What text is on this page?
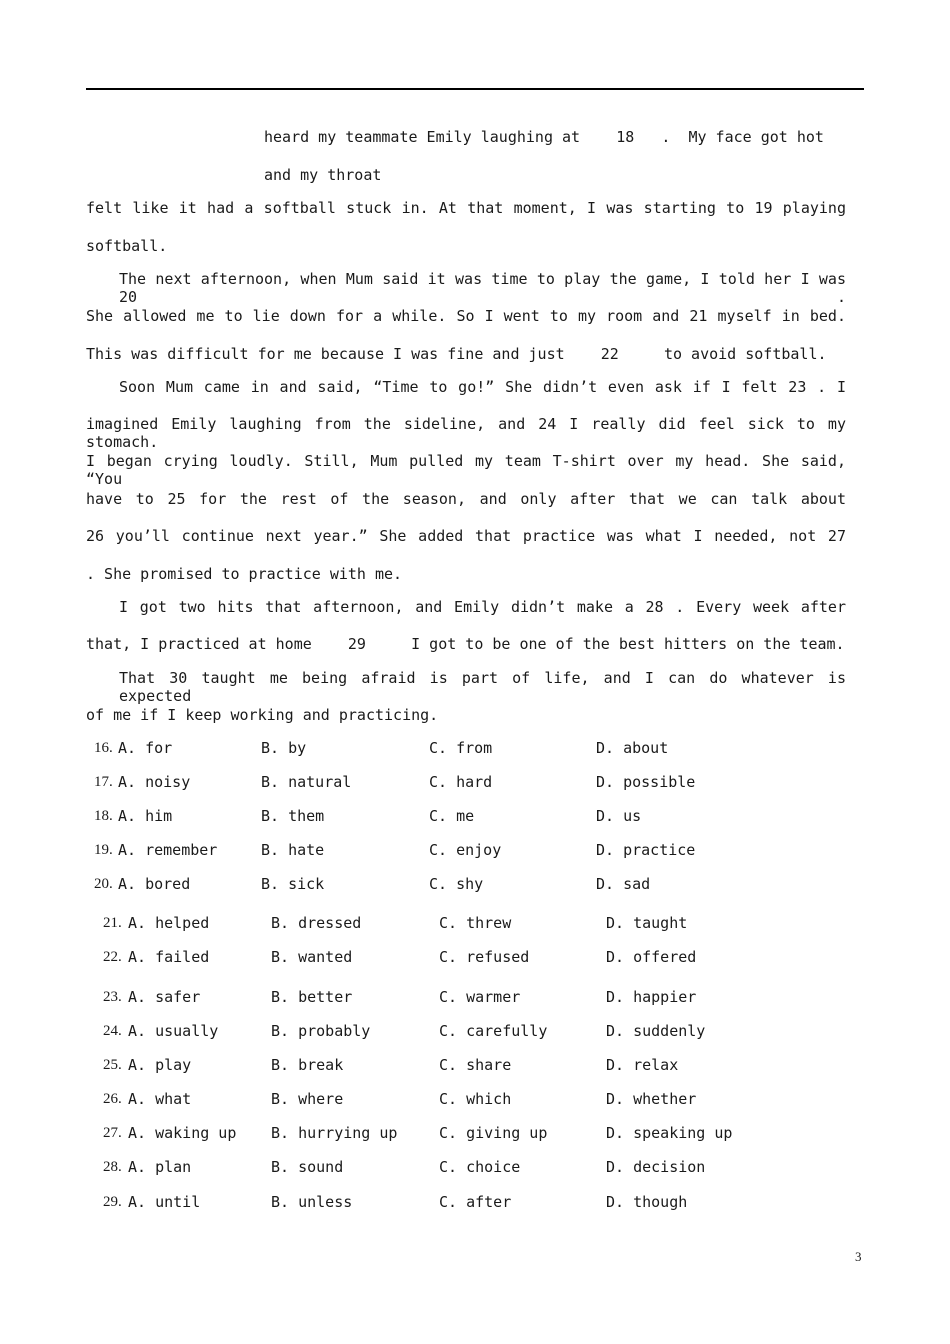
heard my teammate Emily laughing at    18   .  My face got hot
and my throat
felt like it had a softball stuck in. At that moment, I was starting to 19 playing
softball.
The next afternoon, when Mum said it was time to play the game, I told her I was 20 .
She allowed me to lie down for a while. So I went to my room and 21 myself in bed.
This was difficult for me because I was fine and just    22     to avoid softball.
Soon Mum came in and said, “Time to go!” She didn’t even ask if I felt 23 . I
imagined Emily laughing from the sideline, and 24 I really did feel sick to my stomach.
I began crying loudly. Still, Mum pulled my team T-shirt over my head. She said, “You
have to 25 for the rest of the season, and only after that we can talk about
26 you’ll continue next year.” She added that practice was what I needed, not 27
. She promised to practice with me.
I got two hits that afternoon, and Emily didn’t make a 28 . Every week after
that, I practiced at home    29     I got to be one of the best hitters on the team.
That 30 taught me being afraid is part of life, and I can do whatever is expected
of me if I keep working and practicing.
16. A. for	B. by	C. from	D. about
17. A. noisy	B. natural	C. hard	D. possible
18. A. him	B. them	C. me	D. us
19. A. remember	B. hate	C. enjoy	D. practice
20. A. bored	B. sick	C. shy	D. sad
21. A. helped	B. dressed	C. threw	D. taught
22. A. failed	B. wanted	C. refused	D. offered
23. A. safer	B. better	C. warmer	D. happier
24. A. usually	B. probably	C. carefully	D. suddenly
25. A. play	B. break	C. share	D. relax
26. A. what	B. where	C. which	D. whether
27. A. waking up B. hurrying up	C. giving up	D. speaking up
28. A. plan	B. sound	C. choice	D. decision
29. A. until	B. unless	C. after	D. though
3
